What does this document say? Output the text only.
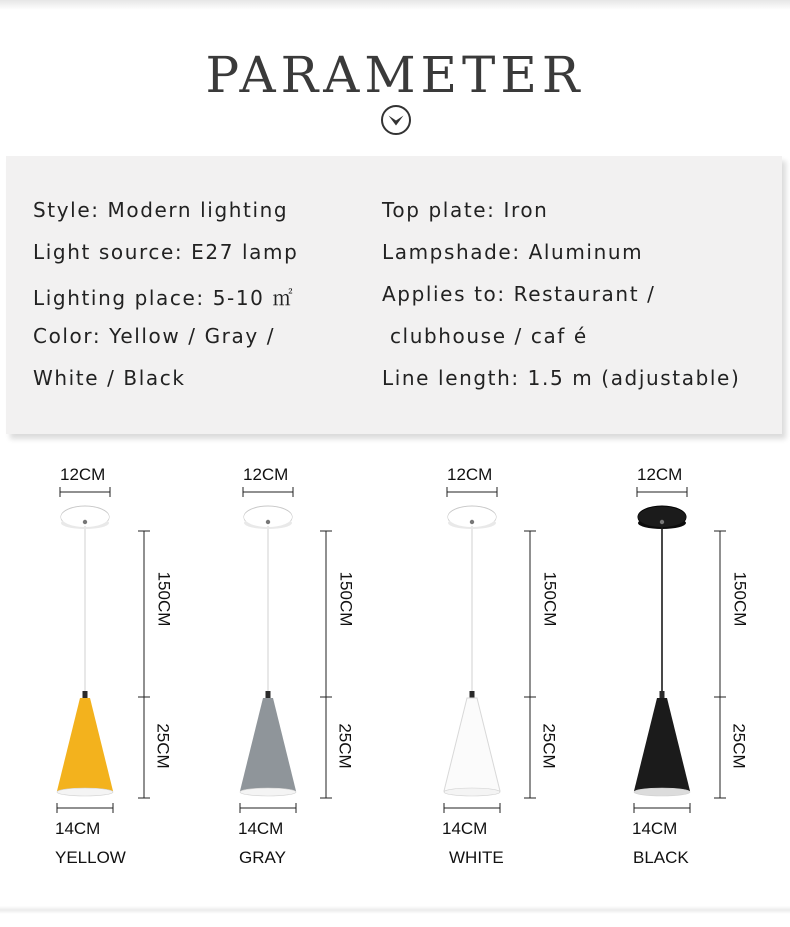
PARAMETER
Style: Modern lighting
Light source: E27 lamp
Lighting place: 5-10 ㎡
Color: Yellow / Gray /
White / Black
Top plate: Iron
Lampshade: Aluminum
Applies to: Restaurant /
clubhouse / caf é
Line length: 1.5 m (adjustable)
12CM
14CM
YELLOW
150CM
25CM
12CM
14CM
GRAY
150CM
25CM
12CM
14CM
WHITE
150CM
25CM
12CM
14CM
BLACK
150CM
25CM
